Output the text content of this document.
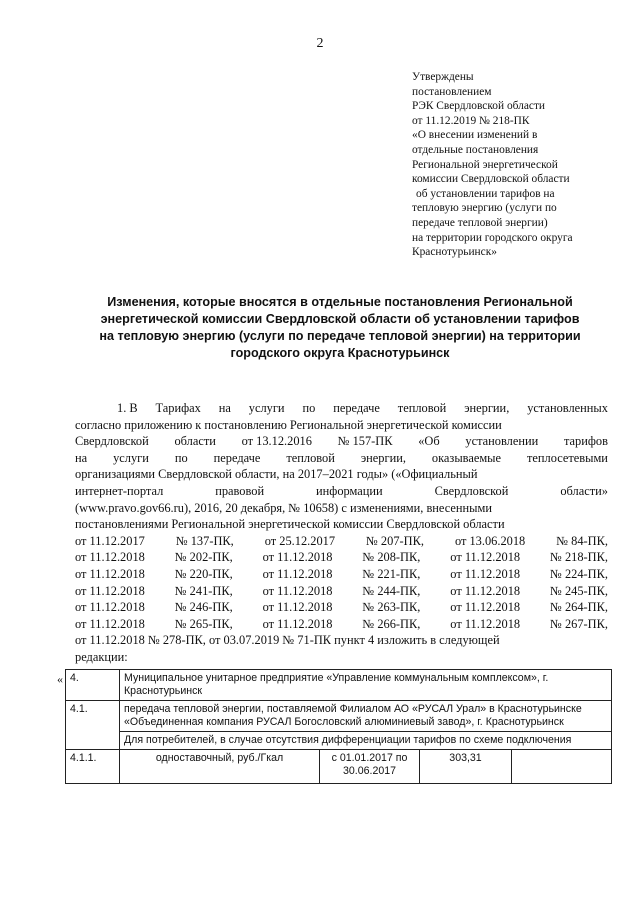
2
Утверждены
постановлением
РЭК Свердловской области
от 11.12.2019 № 218-ПК
«О внесении изменений в
отдельные постановления
Региональной энергетической
комиссии Свердловской области
об установлении тарифов на
тепловую энергию (услуги по
передаче тепловой энергии)
на территории городского округа
Краснотурьинск»
Изменения, которые вносятся в отдельные постановления Региональной
энергетической комиссии Свердловской области об установлении тарифов
на тепловую энергию (услуги по передаче тепловой энергии) на территории
городского округа Краснотурьинск
1. В Тарифах на услуги по передаче тепловой энергии, установленных
согласно приложению к постановлению Региональной энергетической комиссии
Свердловской области от 13.12.2016 № 157-ПК «Об установлении тарифов
на услуги по передаче тепловой энергии, оказываемые теплосетевыми
организациями Свердловской области, на 2017–2021 годы» («Официальный
интернет-портал	правовой	информации	Свердловской	области»
(www.pravo.gov66.ru), 2016, 20 декабря, № 10658) с изменениями, внесенными
постановлениями Региональной энергетической комиссии Свердловской области
от 11.12.2017 № 137-ПК, от 25.12.2017 № 207-ПК, от 13.06.2018 № 84-ПК,
от 11.12.2018 № 202-ПК, от 11.12.2018 № 208-ПК, от 11.12.2018 № 218-ПК,
от 11.12.2018 № 220-ПК, от 11.12.2018 № 221-ПК, от 11.12.2018 № 224-ПК,
от 11.12.2018 № 241-ПК, от 11.12.2018 № 244-ПК, от 11.12.2018 № 245-ПК,
от 11.12.2018 № 246-ПК, от 11.12.2018 № 263-ПК, от 11.12.2018 № 264-ПК,
от 11.12.2018 № 265-ПК, от 11.12.2018 № 266-ПК, от 11.12.2018 № 267-ПК,
от 11.12.2018 № 278-ПК, от 03.07.2019 № 71-ПК пункт 4 изложить в следующей
редакции:
« 4.	Муниципальное унитарное предприятие «Управление коммунальным комплексом», г. Краснотурьинск			
4.1.	передача тепловой энергии, поставляемой Филиалом АО «РУСАЛ Урал» в Краснотурьинске «Объединенная компания РУСАЛ Богословский алюминиевый завод», г. Краснотурьинск			
	Для потребителей, в случае отсутствия дифференциации тарифов по схеме подключения			
4.1.1.	одноставочный, руб./Гкал	с 01.01.2017 по 30.06.2017	303,31	
